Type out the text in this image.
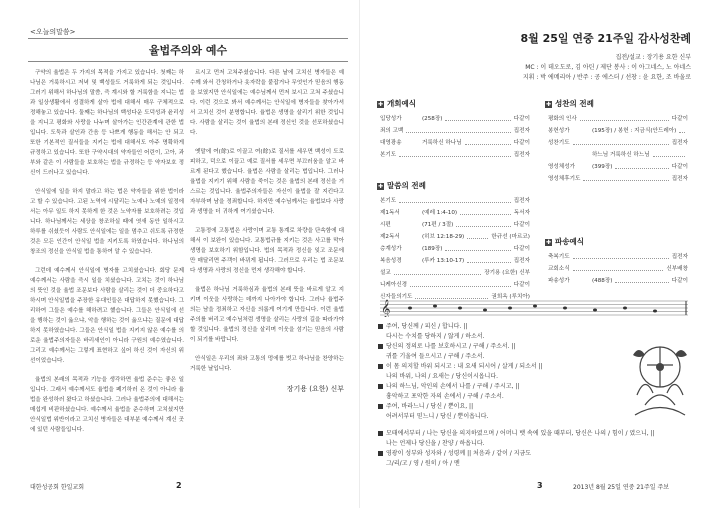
<오늘의말씀>
율법주의와 예수

구약의 율법은 두 가지의 목적을 가지고 있습니다. 첫째는 하나님은 거룩하시고 저녁 및 백성들도 거룩하게 되는 것입니다. 그러기 위해서 하나님의 말씀, 즉 계시와 할 거룩함을 지니는 법과 일상생활에서 성결하게 살아 법에 대해서 매우 구체적으로 정해놓고 있습니다. 둘째는 하나님의 백성다운 도덕성과 윤리성을 지니고 평화와 사랑을 나누며 살아가는 인간관계에 관한 법입니다. 도둑과 살인과 간음 등 나쁘게 행동을 해서는 안 되고 또한 기본적인 질서들을 지키는 법에 대해서도 아주 명확하게 규정하고 있습니다. 또한 구약시대의 약자들인 어린이, 고아, 과부와 같은 이 사람들을 보호하는 법을 규정하는 등 약자보호 정신이 드러나고 있습니다.

안식일에 일을 하지 말라고 하는 법은 약자들을 위한 법이라고 할 수 있습니다. 고된 노역에 시달리는 노예나 노예의 일정에서는 아무 일도 하지 못하게 한 것은 노약자를 보호하려는 것입니다. 하나님께서는 세상을 창조하실 때에 엿새 동안 일하시고 하루를 쉬셨듯이 사람도 안식일에는 일을 멈추고 쉬도록 규정한 것은 모든 인간이 안식일 법을 지키도록 하였습니다. 하나님의 창조의 정신을 안식일 법을 통하여 알 수 있습니다.

그런데 예수께서 안식일에 병자를 고치셨습니다. 회당 문제 예수께서는 사람을 즉시 일을 치셨습니다. 고치는 것이 하나님의 뜻인 것을 율법 조문보다 사람을 살리는 것이 더 중요하다고 하시며 안식일법을 주장한 유대인들은 대답하지 못했습니다. 그리하여 그들은 예수를 해하려고 했습니다. 그들은 안식일에 선을 행하는 것이 옳으냐, 악을 행하는 것이 옳으냐는 질문에 대답하지 못하였습니다. 그들은 안식일 법을 지키지 않은 예수를 의로운 율법주의자들은 바리새인이 아니라 구원의 예수였습니다. 그리고 예수께서는 그렇게 표현하고 싶어 하신 것이 자신의 위선이었습니다.

율법의 본래의 목적과 기능을 생각하면 율법 준수는 좋은 일입니다. 그래서 예수께서도 율법을 폐기하러 온 것이 아니라 율법을 완성하러 왔다고 하셨습니다. 그러나 율법주의에 대해서는 매섭게 비판하셨습니다. 예수께서 율법을 준수하며 고치셨지만 안식일법 위반이라고 고치신 병자들은 대부분 예수께서 계신 곳에 있던 사람들입니다.

르시고 먼저 고쳐주셨습니다. 다른 날에 고치신 병자들은 예수께 와서 간청하거나 옷자락을 붙잡거나 무엇인가 믿음의 행동을 보였지만 안식일에는 예수님께서 먼저 보시고 고쳐 주셨습니다. 이런 것으로 봐서 예수께서는 안식일에 병자들을 찾아가셔서 고치신 것이 분명합니다. 율법은 생명을 살리기 위한 것입니다. 사람을 살리는 것이 율법의 본래 정신인 것을 선포하셨습니다.

옛말에 여(餘)로 이끌고 여(餘)로 질서를 세우면 백성이 도로 피하고, 덕으로 이끌고 예로 질서를 세우면 부끄러움을 알고 바르게 된다고 했습니다. 율법은 사람을 살리는 법입니다. 그러나 율법을 지키기 위해 사람을 죽이는 것은 율법의 본래 정신을 거스르는 것입니다. 율법주의자들은 자신이 율법을 잘 지킨다고 자부하며 남을 정죄합니다. 하지만 예수님께서는 율법보다 사랑과 생명을 더 귀하게 여기셨습니다.

고통정에 고통법은 사랑이며 교통 통계로 차량을 단속함에 대해서 이 보완이 있습니다. 교통법규를 지키는 것은 사고를 막아 생명을 보호하기 위함입니다. 법의 목적과 정신을 잊고 조문에만 매달리면 주객이 바뀌게 됩니다. 그러므로 우리는 법 조문보다 생명과 사랑의 정신을 먼저 생각해야 합니다.

율법은 하나님 거룩하심과 율법의 본래 뜻을 바르게 알고 지키며 이웃을 사랑하는 데까지 나아가야 합니다. 그러나 율법주의는 남을 정죄하고 자신을 의롭게 여기게 만듭니다. 이런 율법주의를 버리고 예수님처럼 생명을 살리는 사랑의 길을 따라가야 할 것입니다. 율법의 정신을 살리며 이웃을 섬기는 믿음의 사람이 되기를 바랍니다.

안식일은 우리의 죄와 고통의 멍에를 벗고 하나님을 찬양하는 거룩한 날입니다.

장기용 (요한) 신부
대한성공회 한일교회	2
8월 25일 연중 21주일 감사성찬례
집전/설교 : 장기용 요한 신부
MC : 이 데오도로, 김 아틴 / 제단 봉사 : 이 아그네스, 노 아네스
지휘 : 박 에메리아 / 반주 : 공 에스더 / 선창 : 윤 요한, 조 바울로
✚ 개회예식
입당성가	(258장)	다같이
죄의 고백	집전자
대영광송	거룩하신 하나님	다같이
본기도	집전자
✚ 말씀의 전례
본기도	집전자
제1독서	(예레 1:4-10)	독서자
시편	(71편 / 3절)	다같이
제2독서	(히브 12:18-29)	한규선 (마르코)
층계성가	(189장)	다같이
복음성경	(루카 13:10-17)	집전자
설교	장기용 (요한) 신부
니케아신경	다같이
신자들의기도	권희옥 (루치아)
✚ 성찬의 전례
평화의 인사	다같이
봉헌성가	(195장) / 봉헌 : 지금식(안드레아)
성찬기도	집전자
하느님 거룩하신 하느님
영성체성가	(399장)	다같이
영성체후기도	집전자
✚ 파송예식
축복기도	집전자
교회소식	신부배창
파송성가	(488장)	다같이
𝄞
주여, 당신께 / 피신 / 합니다. ||
다시는 수치를 당하지 / 않게 / 하소서.
당신의 정의로 나를 보호하시고 / 구해 / 주소서. ||
귀를 기울여 들으시고 / 구해 / 주소서.
이 몸 의지할 바위 되시고 : 내 요새 되시어 / 살게 / 되소서 ||
나의 바위, 나의 / 요새는 / 당신이시옵니다.
나의 하느님, 악인의 손에서 나를 / 구해 / 주시고, ||
흉악하고 포악한 자의 손에서 / 구해 / 주소서.
주여, 바라느니 / 당신 / 뿐이요, ||
어려서부터 믿느니 / 당신 / 뿐이옵니다.
모태에서부터 / 나는 당신을 의지하였으며 / 어머니 뱃 속에 있을 때부터, 당신은 나의 / 힘이 / 였으니, ||
나는 언제나 당신을 / 찬양 / 하옵니다.
영광이 성부와 성자와 / 성령께 || 처음과 / 같이 / 지금도
그/리/고 / 영 / 원히 / 아 / 멘
2013년 8월 25일 연중 21주일 주보
3
